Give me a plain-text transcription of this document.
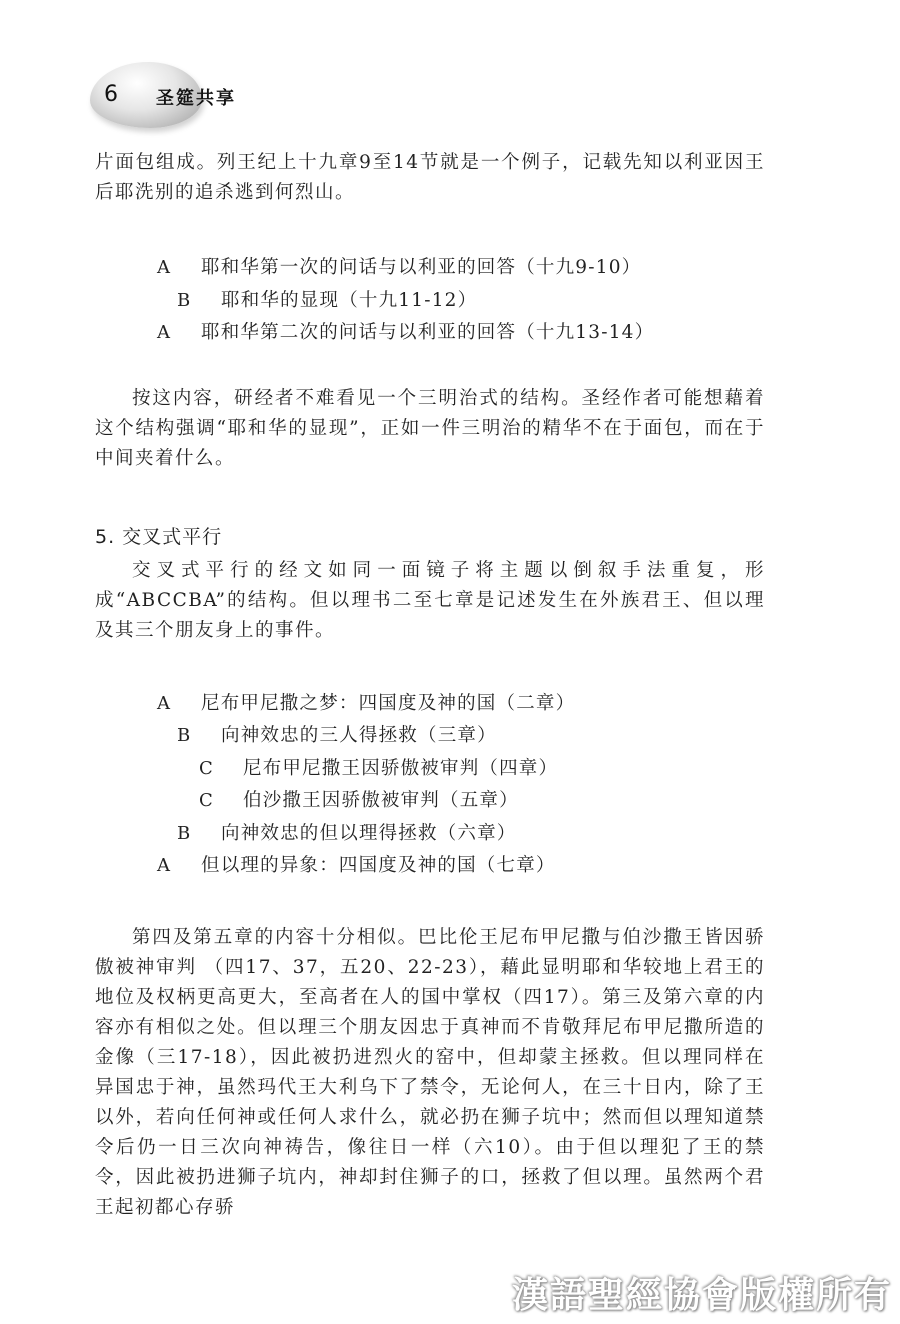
6 圣筵共享

片面包组成。列王纪上十九章9至14节就是一个例子，记载先知以利亚因王后耶洗别的追杀逃到何烈山。

A 耶和华第一次的问话与以利亚的回答（十九9-10）
B 耶和华的显现（十九11-12）
A 耶和华第二次的问话与以利亚的回答（十九13-14）

按这内容，研经者不难看见一个三明治式的结构。圣经作者可能想藉着这个结构强调“耶和华的显现”，正如一件三明治的精华不在于面包，而在于中间夹着什么。

5. 交叉式平行

交叉式平行的经文如同一面镜子将主题以倒叙手法重复，形成“ABCCBA”的结构。但以理书二至七章是记述发生在外族君王、但以理及其三个朋友身上的事件。

A 尼布甲尼撒之梦：四国度及神的国（二章）
B 向神效忠的三人得拯救（三章）
C 尼布甲尼撒王因骄傲被审判（四章）
C 伯沙撒王因骄傲被审判（五章）
B 向神效忠的但以理得拯救（六章）
A 但以理的异象：四国度及神的国（七章）

第四及第五章的内容十分相似。巴比伦王尼布甲尼撒与伯沙撒王皆因骄傲被神审判 （四17、37，五20、22-23），藉此显明耶和华较地上君王的地位及权柄更高更大，至高者在人的国中掌权（四17）。第三及第六章的内容亦有相似之处。但以理三个朋友因忠于真神而不肯敬拜尼布甲尼撒所造的金像（三17-18），因此被扔进烈火的窑中，但却蒙主拯救。但以理同样在异国忠于神，虽然玛代王大利乌下了禁令，无论何人，在三十日内，除了王以外，若向任何神或任何人求什么，就必扔在狮子坑中；然而但以理知道禁令后仍一日三次向神祷告，像往日一样（六10）。由于但以理犯了王的禁令，因此被扔进狮子坑内，神却封住狮子的口，拯救了但以理。虽然两个君王起初都心存骄

漢語聖經協會版權所有
